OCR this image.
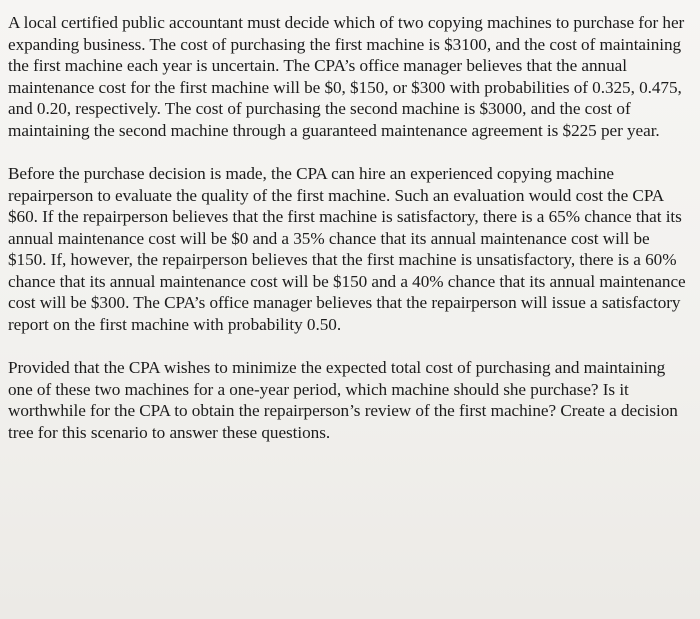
A local certified public accountant must decide which of two copying machines to purchase for her expanding business. The cost of purchasing the first machine is $3100, and the cost of maintaining the first machine each year is uncertain. The CPA’s office manager believes that the annual maintenance cost for the first machine will be $0, $150, or $300 with probabilities of 0.325, 0.475, and 0.20, respectively. The cost of purchasing the second machine is $3000, and the cost of maintaining the second machine through a guaranteed maintenance agreement is $225 per year.

Before the purchase decision is made, the CPA can hire an experienced copying machine repairperson to evaluate the quality of the first machine. Such an evaluation would cost the CPA $60. If the repairperson believes that the first machine is satisfactory, there is a 65% chance that its annual maintenance cost will be $0 and a 35% chance that its annual maintenance cost will be $150. If, however, the repairperson believes that the first machine is unsatisfactory, there is a 60% chance that its annual maintenance cost will be $150 and a 40% chance that its annual maintenance cost will be $300. The CPA’s office manager believes that the repairperson will issue a satisfactory report on the first machine with probability 0.50.

Provided that the CPA wishes to minimize the expected total cost of purchasing and maintaining one of these two machines for a one-year period, which machine should she purchase? Is it worthwhile for the CPA to obtain the repairperson’s review of the first machine? Create a decision tree for this scenario to answer these questions.
